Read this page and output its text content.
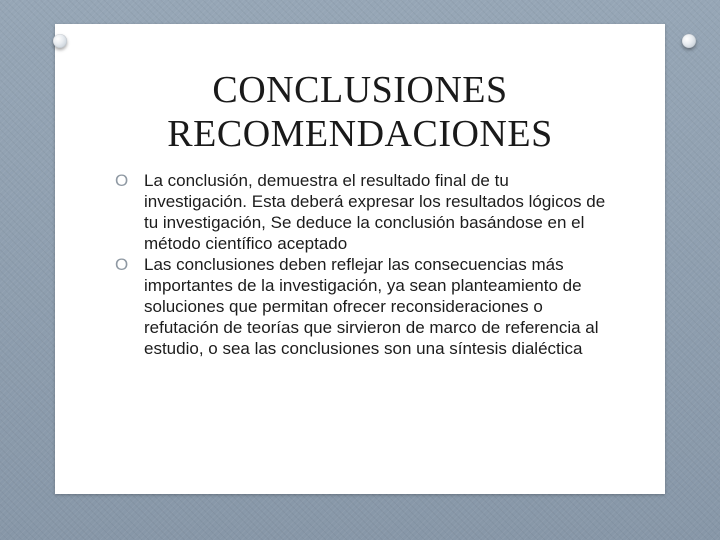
CONCLUSIONES
RECOMENDACIONES
O La conclusión, demuestra el resultado final de tu investigación. Esta deberá expresar los resultados lógicos de tu investigación, Se deduce la conclusión basándose en el método científico aceptado
O Las conclusiones deben reflejar las consecuencias más importantes de la investigación, ya sean planteamiento de soluciones que permitan ofrecer reconsideraciones o refutación de teorías que sirvieron de marco de referencia al estudio, o sea las conclusiones son una síntesis dialéctica
